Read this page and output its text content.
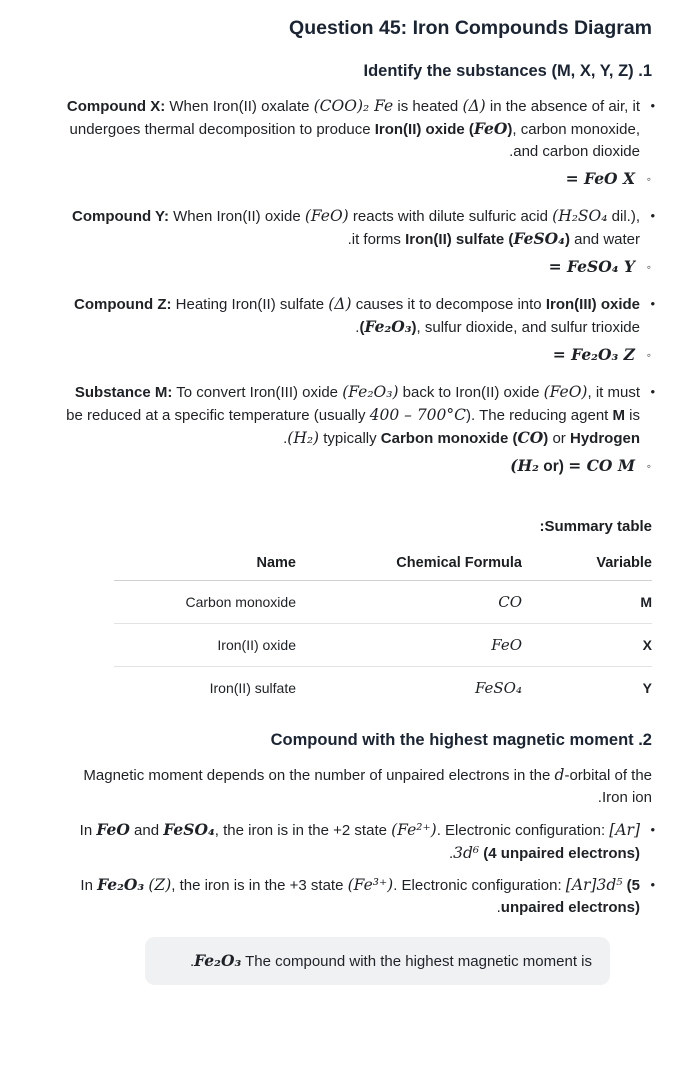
Question 45: Iron Compounds Diagram
Identify the substances (M, X, Y, Z) .1
•
Compound X: When Iron(II) oxalate (COO)₂ Fe is heated (Δ) in the absence of air, it
undergoes thermal decomposition to produce Iron(II) oxide (FeO), carbon monoxide,
.and carbon dioxide
= FeO X ◦
•
Compound Y: When Iron(II) oxide (FeO) reacts with dilute sulfuric acid (H₂SO₄ dil.),
.it forms Iron(II) sulfate (FeSO₄) and water
= FeSO₄ Y ◦
•
Compound Z: Heating Iron(II) sulfate (Δ) causes it to decompose into Iron(III) oxide
.(Fe₂O₃), sulfur dioxide, and sulfur trioxide
= Fe₂O₃ Z ◦
•
Substance M: To convert Iron(III) oxide (Fe₂O₃) back to Iron(II) oxide (FeO), it must
be reduced at a specific temperature (usually 400 – 700°C). The reducing agent M is
.(H₂) typically Carbon monoxide (CO) or Hydrogen
(H₂ or) = CO M ◦
:Summary table
Name	Chemical Formula	Variable
Carbon monoxide	CO	M
Iron(II) oxide	FeO	X
Iron(II) sulfate	FeSO₄	Y
Compound with the highest magnetic moment .2
Magnetic moment depends on the number of unpaired electrons in the d-orbital of the
.Iron ion
•
In FeO and FeSO₄, the iron is in the +2 state (Fe²⁺). Electronic configuration: [Ar]
.3d⁶ (4 unpaired electrons)
•
In Fe₂O₃ (Z), the iron is in the +3 state (Fe³⁺). Electronic configuration: [Ar]3d⁵ (5
.unpaired electrons)
.Fe₂O₃ The compound with the highest magnetic moment is
